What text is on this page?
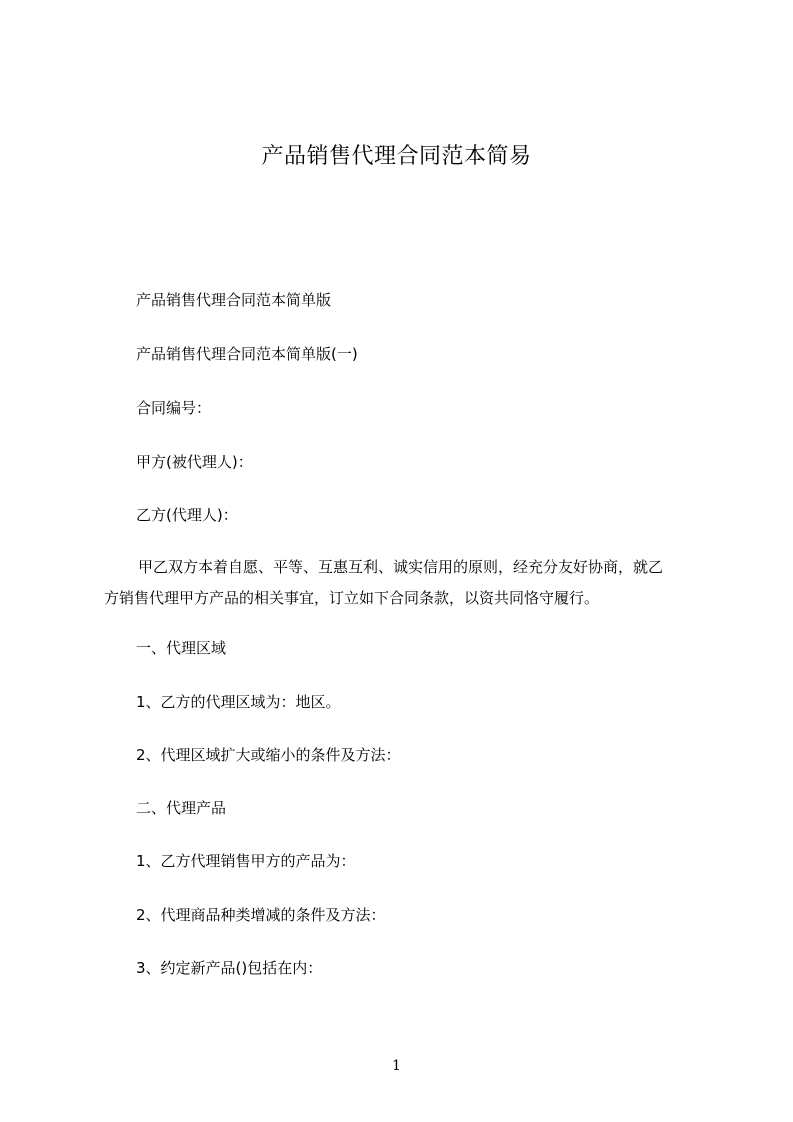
产品销售代理合同范本简易
产品销售代理合同范本简单版
产品销售代理合同范本简单版(一)
合同编号：
甲方(被代理人)：
乙方(代理人)：
甲乙双方本着自愿、平等、互惠互利、诚实信用的原则，经充分友好协商，就乙
方销售代理甲方产品的相关事宜，订立如下合同条款，以资共同恪守履行。
一、代理区域
1、乙方的代理区域为：地区。
2、代理区域扩大或缩小的条件及方法：
二、代理产品
1、乙方代理销售甲方的产品为：
2、代理商品种类增减的条件及方法：
3、约定新产品()包括在内：
1
